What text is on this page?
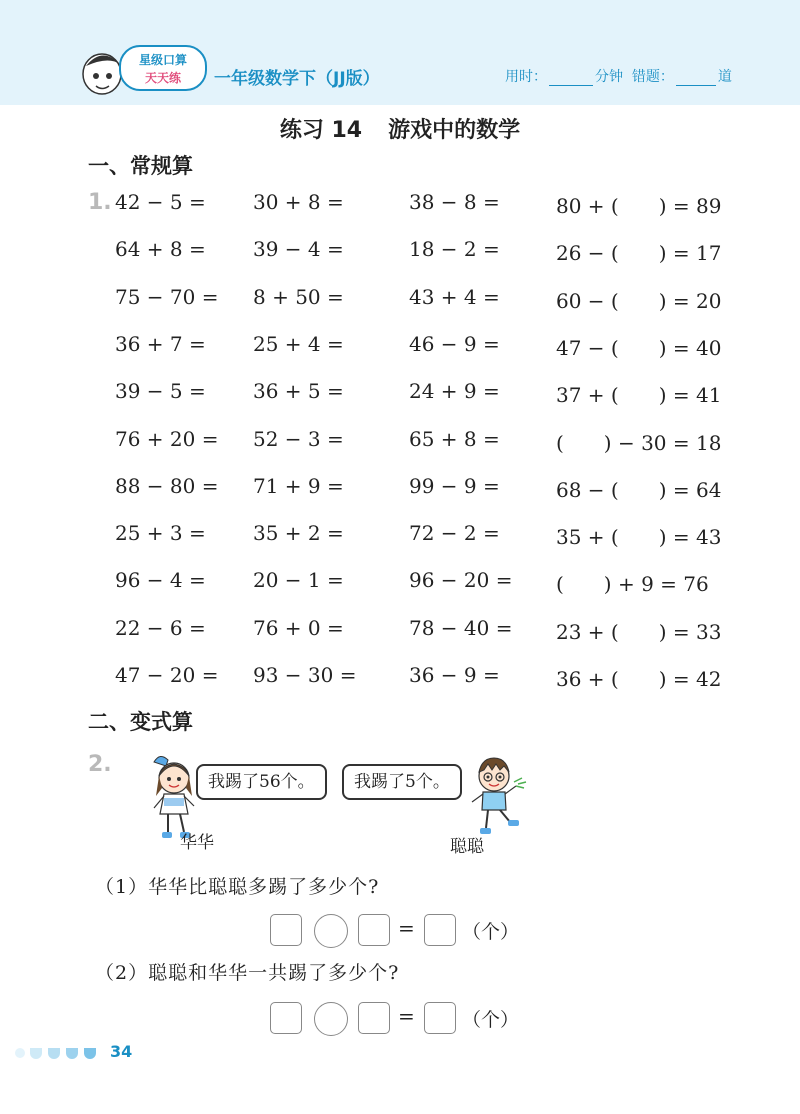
星级口算
天天练 一年级数学下（JJ版）	用时：	分钟 错题：	道
练习 14 游戏中的数学
一、常规算
1. 42 − 5 = 30 + 8 =	38 − 8 =	80 + (　　) = 89
64 + 8 = 39 − 4 =	18 − 2 =	26 − (　　) = 17
75 − 70 = 8 + 50 =	43 + 4 =	60 − (　　) = 20
36 + 7 = 25 + 4 =	46 − 9 =	47 − (　　) = 40
39 − 5 = 36 + 5 =	24 + 9 =	37 + (　　) = 41
76 + 20 = 52 − 3 =	65 + 8 =	(　　) − 30 = 18
88 − 80 = 71 + 9 =	99 − 9 =	68 − (　　) = 64
25 + 3 = 35 + 2 =	72 − 2 =	35 + (　　) = 43
96 − 4 = 20 − 1 =	96 − 20 = (　　) + 9 = 76
22 − 6 = 76 + 0 =	78 − 40 = 23 + (　　) = 33
47 − 20 = 93 − 30 =	36 − 9 =	36 + (　　) = 42
二、变式算
2.
我踢了56个。
华华
我踢了5个。
聪聪
（1）华华比聪聪多踢了多少个?
= （个）
（2）聪聪和华华一共踢了多少个?
= （个）
34
